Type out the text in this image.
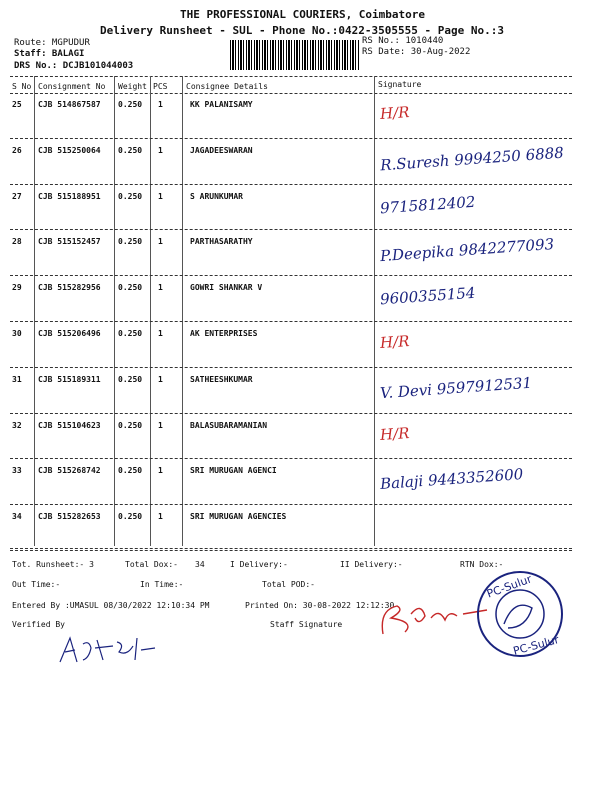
THE PROFESSIONAL COURIERS, Coimbatore
Delivery Runsheet - SUL - Phone No.:0422-3505555 - Page No.:3
Route: MGPUDUR
Staff: BALAGI
DRS No.: DCJB101044003
RS No.: 1010440
RS Date: 30-Aug-2022
S No Consignment No Weight PCS Consignee Details	Signature
25 CJB 514867587 0.250 1	KK PALANISAMY	H/R
26 CJB 515250064 0.250 1	JAGADEESWARAN	R.Suresh 9994250 6888
27 CJB 515188951 0.250 1	S ARUNKUMAR	9715812402
28 CJB 515152457 0.250 1	PARTHASARATHY	P.Deepika 9842277093
29 CJB 515282956 0.250 1	GOWRI SHANKAR V	9600355154
30 CJB 515206496 0.250 1	AK ENTERPRISES	H/R
31 CJB 515189311 0.250 1	SATHEESHKUMAR	V. Devi 9597912531
32 CJB 515104623 0.250 1	BALASUBARAMANIAN	H/R
33 CJB 515268742 0.250 1	SRI MURUGAN AGENCI	Balaji 9443352600
34 CJB 515282653 0.250 1	SRI MURUGAN AGENCIES
Tot. Runsheet:- 3	Total Dox:- 34	I Delivery:-	II Delivery:-	RTN Dox:-
Out Time:-	In Time:-	Total POD:-
Entered By :UMASUL 08/30/2022 12:10:34 PM	Printed On: 30-08-2022 12:12:30
Verified By	Staff Signature
PC-Sulur
PC-Sulur
